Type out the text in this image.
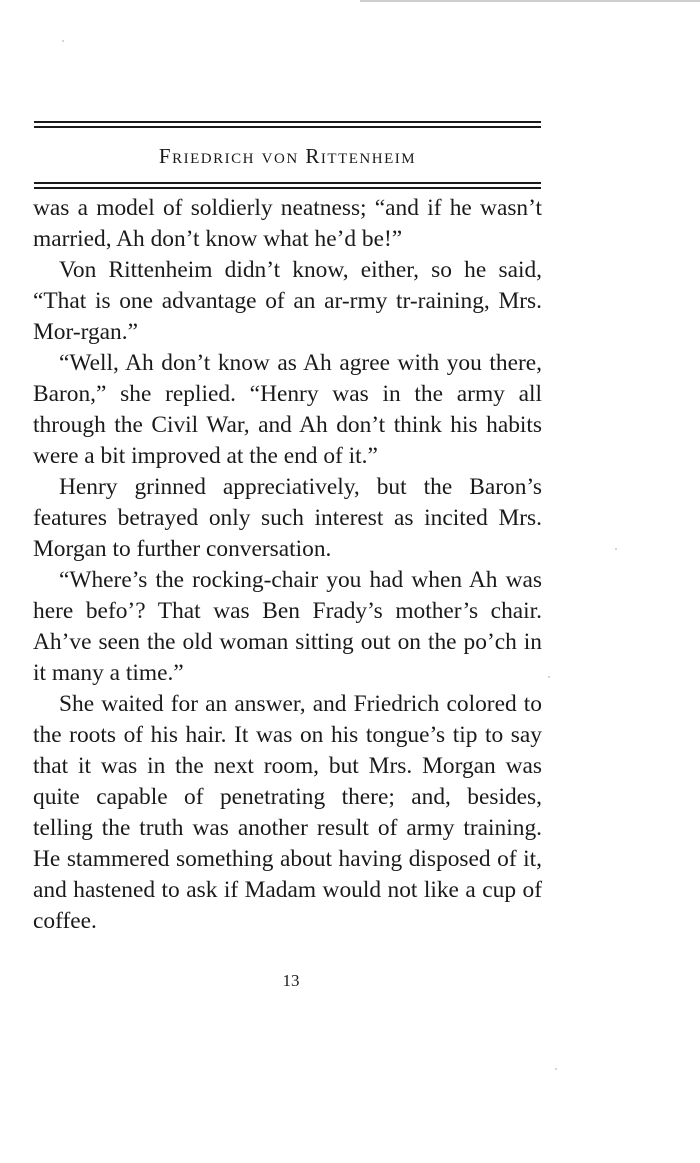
Friedrich von Rittenheim

was a model of soldierly neatness; “and if he wasn’t married, Ah don’t know what he’d be!”

Von Rittenheim didn’t know, either, so he said, “That is one advantage of an ar-rmy tr-raining, Mrs. Mor-rgan.”

“Well, Ah don’t know as Ah agree with you there, Baron,” she replied. “Henry was in the army all through the Civil War, and Ah don’t think his habits were a bit improved at the end of it.”

Henry grinned appreciatively, but the Baron’s features betrayed only such interest as incited Mrs. Morgan to further conversation.

“Where’s the rocking-chair you had when Ah was here befo’? That was Ben Frady’s mother’s chair. Ah’ve seen the old woman sitting out on the po’ch in it many a time.”

She waited for an answer, and Friedrich colored to the roots of his hair. It was on his tongue’s tip to say that it was in the next room, but Mrs. Morgan was quite capable of penetrating there; and, besides, telling the truth was another result of army training. He stammered something about having disposed of it, and hastened to ask if Madam would not like a cup of coffee.

13
